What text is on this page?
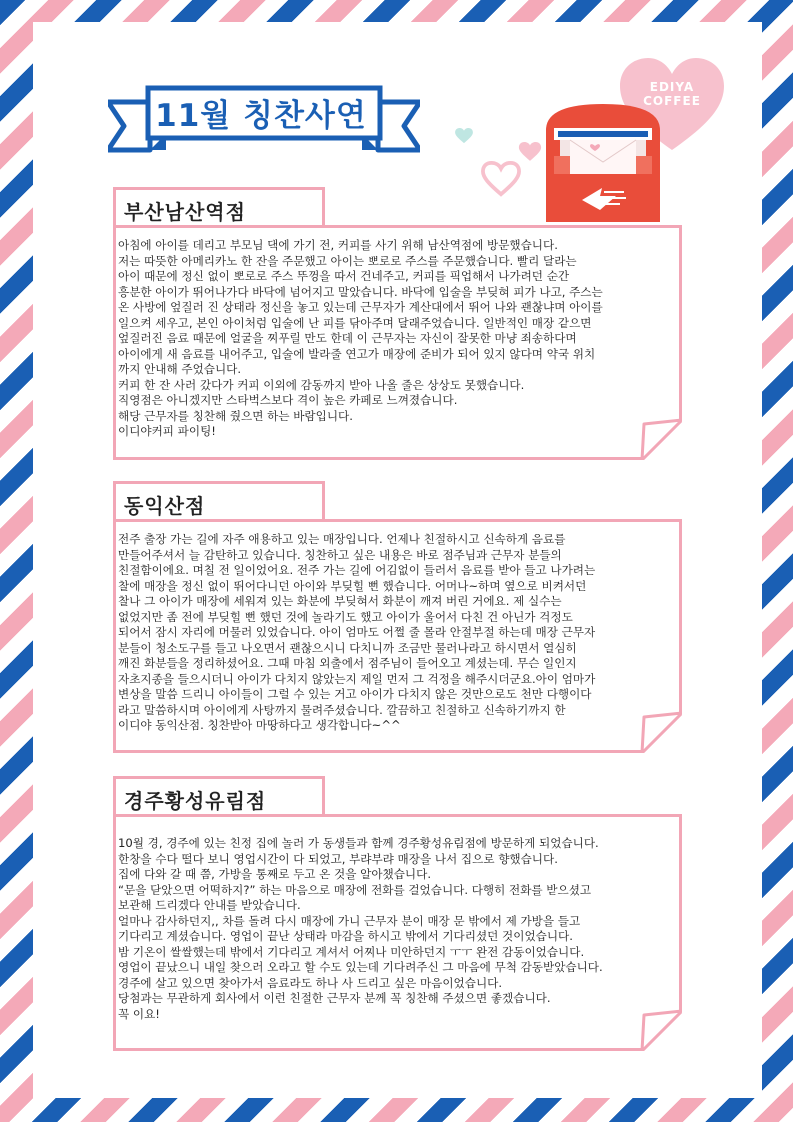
11월 칭찬사연
EDIYA
COFFEE
부산남산역점
아침에 아이를 데리고 부모님 댁에 가기 전, 커피를 사기 위해 남산역점에 방문했습니다.
저는 따뜻한 아메리카노 한 잔을 주문했고 아이는 뽀로로 주스를 주문했습니다. 빨리 달라는
아이 때문에 정신 없이 뽀로로 주스 뚜껑을 따서 건네주고, 커피를 픽업해서 나가려던 순간
흥분한 아이가 뛰어나가다 바닥에 넘어지고 말았습니다. 바닥에 입술을 부딪혀 피가 나고, 주스는
온 사방에 엎질러 진 상태라 정신을 놓고 있는데 근무자가 계산대에서 뛰어 나와 괜찮냐며 아이를
일으켜 세우고, 본인 아이처럼 입술에 난 피를 닦아주며 달래주었습니다. 일반적인 매장 같으면
엎질러진 음료 때문에 얼굴을 찌푸릴 만도 한데 이 근무자는 자신이 잘못한 마냥 죄송하다며
아이에게 새 음료를 내어주고, 입술에 발라줄 연고가 매장에 준비가 되어 있지 않다며 약국 위치
까지 안내해 주었습니다.
커피 한 잔 사러 갔다가 커피 이외에 감동까지 받아 나올 줄은 상상도 못했습니다.
직영점은 아니겠지만 스타벅스보다 격이 높은 카페로 느껴졌습니다.
해당 근무자를 칭찬해 줬으면 하는 바람입니다.
이디야커피 파이팅!
동익산점
전주 출장 가는 길에 자주 애용하고 있는 매장입니다. 언제나 친절하시고 신속하게 음료를
만들어주셔서 늘 감탄하고 있습니다. 칭찬하고 싶은 내용은 바로 점주님과 근무자 분들의
친절함이에요. 며칠 전 일이었어요. 전주 가는 길에 어김없이 들러서 음료를 받아 들고 나가려는
찰에 매장을 정신 없이 뛰어다니던 아이와 부딪힐 뻔 했습니다. 어머나~하며 옆으로 비켜서던
찰나 그 아이가 매장에 세워져 있는 화분에 부딪혀서 화분이 깨져 버린 거에요. 제 실수는
없었지만 좀 전에 부딪힐 뻔 했던 것에 놀라기도 했고 아이가 울어서 다친 건 아닌가 걱정도
되어서 잠시 자리에 머물러 있었습니다. 아이 엄마도 어쩔 줄 몰라 안절부절 하는데 매장 근무자
분들이 청소도구를 들고 나오면서 괜찮으시니 다치니까 조금만 물러나라고 하시면서 열심히
깨진 화분들을 정리하셨어요. 그때 마침 외출에서 점주님이 들어오고 계셨는데. 무슨 일인지
자초지종을 들으시더니 아이가 다치지 않았는지 제일 먼저 그 걱정을 해주시더군요.아이 엄마가
변상을 말씀 드리니 아이들이 그럴 수 있는 거고 아이가 다치지 않은 것만으로도 천만 다행이다
라고 말씀하시며 아이에게 사탕까지 물려주셨습니다. 깔끔하고 친절하고 신속하기까지 한
이디야 동익산점. 칭찬받아 마땅하다고 생각합니다~^^
경주황성유림점
10월 경, 경주에 있는 친정 집에 놀러 가 동생들과 함께 경주황성유림점에 방문하게 되었습니다.
한창을 수다 떨다 보니 영업시간이 다 되었고, 부랴부랴 매장을 나서 집으로 향했습니다.
집에 다와 갈 때 쯤, 가방을 통째로 두고 온 것을 알아챘습니다.
“문을 닫았으면 어떡하지?” 하는 마음으로 매장에 전화를 걸었습니다. 다행히 전화를 받으셨고
보관해 드리겠다 안내를 받았습니다.
얼마나 감사하던지,, 차를 돌려 다시 매장에 가니 근무자 분이 매장 문 밖에서 제 가방을 들고
기다리고 계셨습니다. 영업이 끝난 상태라 마감을 하시고 밖에서 기다리셨던 것이었습니다.
밤 기온이 쌀쌀했는데 밖에서 기다리고 계셔서 어찌나 미안하던지 ㅜㅜ 완전 감동이었습니다.
영업이 끝났으니 내일 찾으러 오라고 할 수도 있는데 기다려주신 그 마음에 무척 감동받았습니다.
경주에 살고 있으면 찾아가서 음료라도 하나 사 드리고 싶은 마음이었습니다.
당첨과는 무관하게 회사에서 이런 친절한 근무자 분께 꼭 칭찬해 주셨으면 좋겠습니다.
꼭 이요!
